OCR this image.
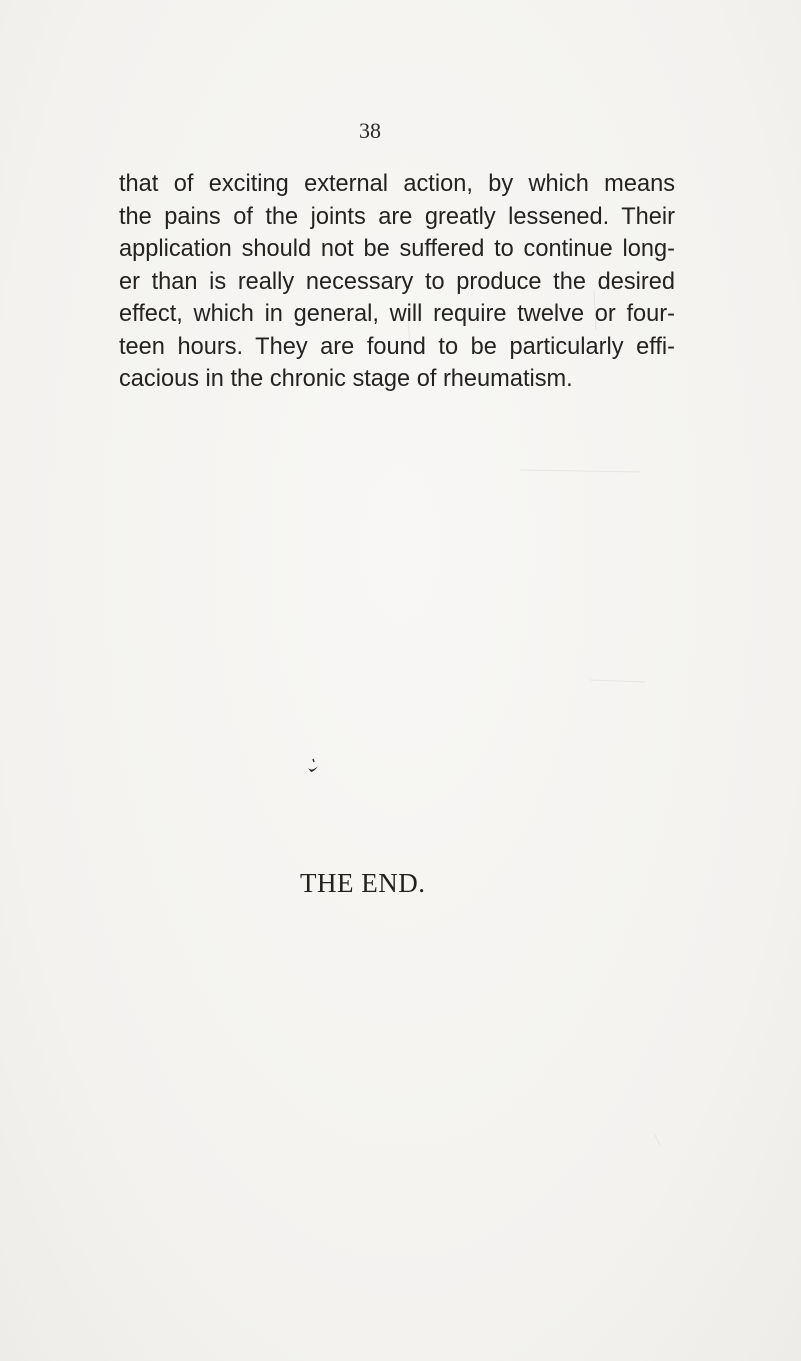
38

that of exciting external action, by which means
the pains of the joints are greatly lessened. Their
application should not be suffered to continue long-
er than is really necessary to produce the desired
effect, which in general, will require twelve or four-
teen hours. They are found to be particularly effi-
cacious in the chronic stage of rheumatism.

THE END.
